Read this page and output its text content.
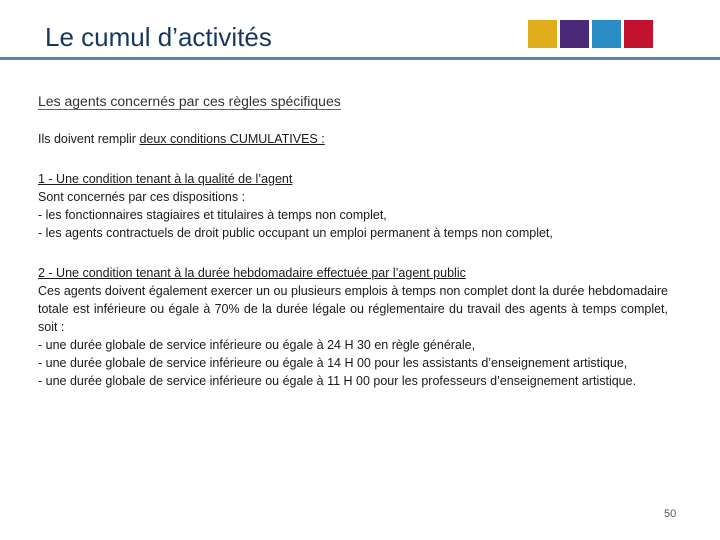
Le cumul d’activités

Les agents concernés par ces règles spécifiques

Ils doivent remplir deux conditions CUMULATIVES :

1 - Une condition tenant à la qualité de l’agent

Sont concernés par ces dispositions :

- les fonctionnaires stagiaires et titulaires à temps non complet,

- les agents contractuels de droit public occupant un emploi permanent à temps non complet,

2 - Une condition tenant à la durée hebdomadaire effectuée par l’agent public

Ces agents doivent également exercer un ou plusieurs emplois à temps non complet dont la durée hebdomadaire totale est inférieure ou égale à 70% de la durée légale ou réglementaire du travail des agents à temps complet, soit :

- une durée globale de service inférieure ou égale à 24 H 30 en règle générale,

- une durée globale de service inférieure ou égale à 14 H 00 pour les assistants d’enseignement artistique,

- une durée globale de service inférieure ou égale à 11 H 00 pour les professeurs d’enseignement artistique.

50
